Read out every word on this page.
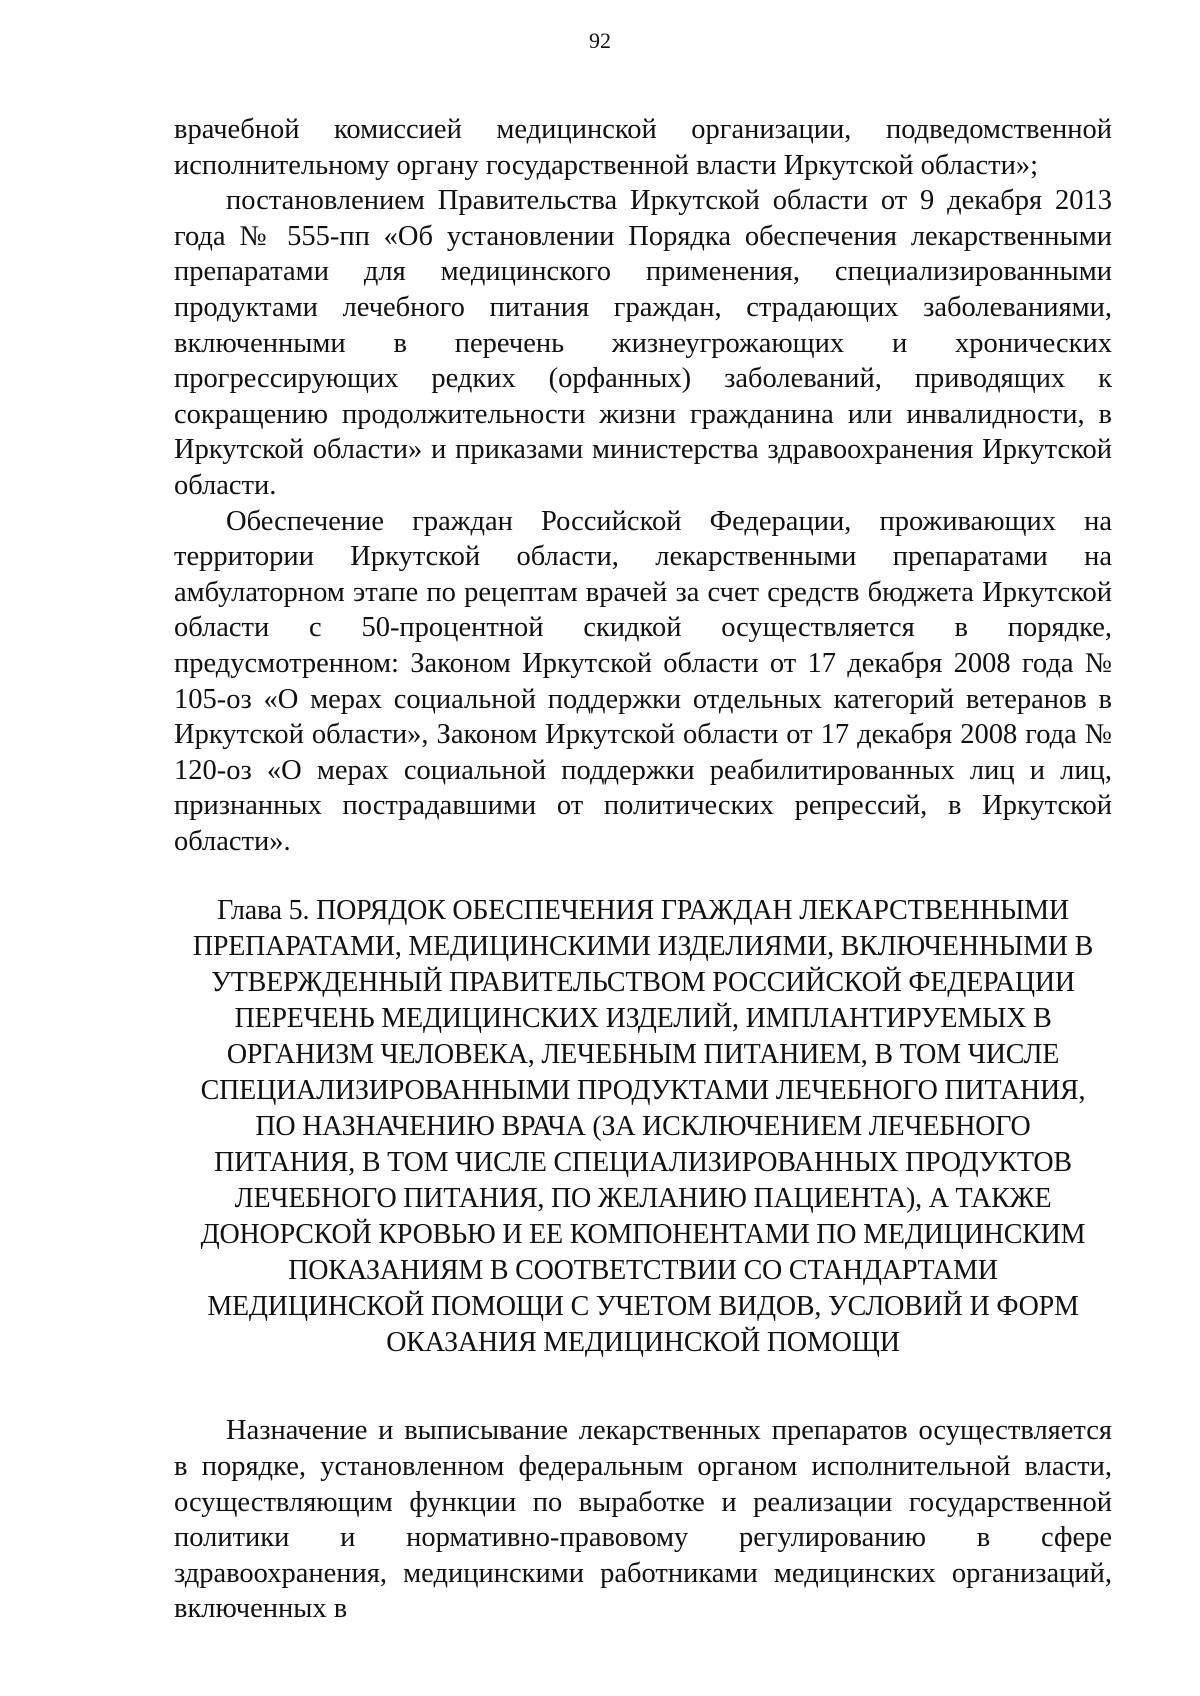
92

врачебной комиссией медицинской организации, подведомственной исполнительному органу государственной власти Иркутской области»;

постановлением Правительства Иркутской области от 9 декабря 2013 года № 555-пп «Об установлении Порядка обеспечения лекарственными препаратами для медицинского применения, специализированными продуктами лечебного питания граждан, страдающих заболеваниями, включенными в перечень жизнеугрожающих и хронических прогрессирующих редких (орфанных) заболеваний, приводящих к сокращению продолжительности жизни гражданина или инвалидности, в Иркутской области» и приказами министерства здравоохранения Иркутской области.

Обеспечение граждан Российской Федерации, проживающих на территории Иркутской области, лекарственными препаратами на амбулаторном этапе по рецептам врачей за счет средств бюджета Иркутской области с 50-процентной скидкой осуществляется в порядке, предусмотренном: Законом Иркутской области от 17 декабря 2008 года № 105-оз «О мерах социальной поддержки отдельных категорий ветеранов в Иркутской области», Законом Иркутской области от 17 декабря 2008 года № 120-оз «О мерах социальной поддержки реабилитированных лиц и лиц, признанных пострадавшими от политических репрессий, в Иркутской области».

Глава 5. ПОРЯДОК ОБЕСПЕЧЕНИЯ ГРАЖДАН ЛЕКАРСТВЕННЫМИ
ПРЕПАРАТАМИ, МЕДИЦИНСКИМИ ИЗДЕЛИЯМИ, ВКЛЮЧЕННЫМИ В
УТВЕРЖДЕННЫЙ ПРАВИТЕЛЬСТВОМ РОССИЙСКОЙ ФЕДЕРАЦИИ
ПЕРЕЧЕНЬ МЕДИЦИНСКИХ ИЗДЕЛИЙ, ИМПЛАНТИРУЕМЫХ В
ОРГАНИЗМ ЧЕЛОВЕКА, ЛЕЧЕБНЫМ ПИТАНИЕМ, В ТОМ ЧИСЛЕ
СПЕЦИАЛИЗИРОВАННЫМИ ПРОДУКТАМИ ЛЕЧЕБНОГО ПИТАНИЯ,
ПО НАЗНАЧЕНИЮ ВРАЧА (ЗА ИСКЛЮЧЕНИЕМ ЛЕЧЕБНОГО
ПИТАНИЯ, В ТОМ ЧИСЛЕ СПЕЦИАЛИЗИРОВАННЫХ ПРОДУКТОВ
ЛЕЧЕБНОГО ПИТАНИЯ, ПО ЖЕЛАНИЮ ПАЦИЕНТА), А ТАКЖЕ
ДОНОРСКОЙ КРОВЬЮ И ЕЕ КОМПОНЕНТАМИ ПО МЕДИЦИНСКИМ
ПОКАЗАНИЯМ В СООТВЕТСТВИИ СО СТАНДАРТАМИ
МЕДИЦИНСКОЙ ПОМОЩИ С УЧЕТОМ ВИДОВ, УСЛОВИЙ И ФОРМ
ОКАЗАНИЯ МЕДИЦИНСКОЙ ПОМОЩИ

Назначение и выписывание лекарственных препаратов осуществляется в порядке, установленном федеральным органом исполнительной власти, осуществляющим функции по выработке и реализации государственной политики и нормативно-правовому регулированию в сфере здравоохранения, медицинскими работниками медицинских организаций, включенных в
